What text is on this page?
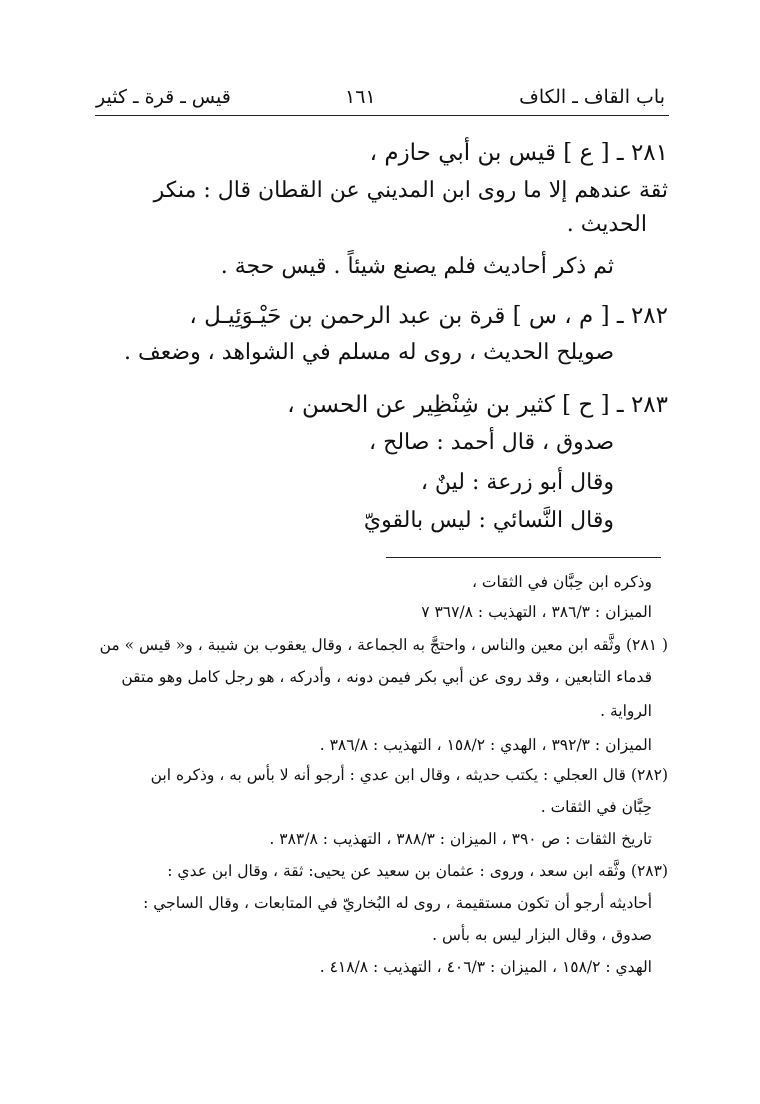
باب القاف ـ الكاف
١٦١
قيس ـ قرة ـ كثير
٢٨١ ـ [ ع ] قيس بن أبي حازم ،
ثقة عندهم إلا ما روى ابن المديني عن القطان قال : منكر
الحديث .
ثم ذكر أحاديث فلم يصنع شيئاً . قيس حجة .
٢٨٢ ـ [ م ، س ] قرة بن عبد الرحمن بن حَيْـوَئِيـل ،
صويلح الحديث ، روى له مسلم في الشواهد ، وضعف .
٢٨٣ ـ [ ح ] كثير بن شِنْظِير عن الحسن ،
صدوق ، قال أحمد : صالح ،
وقال أبو زرعة : لينٌ ،
وقال النَّسائي : ليس بالقويّ
وذكره ابن حِبَّان في الثقات ،
الميزان : ٣٨٦/٣ ، التهذيب : ٣٦٧/٨ ٧
( ٢٨١) وثَّقه ابن معين والناس ، واحتجَّ به الجماعة ، وقال يعقوب بن شيبة ، و« قيس » من
قدماء التابعين ، وقد روى عن أبي بكر فيمن دونه ، وأدركه ، هو رجل كامل وهو متقن
الرواية .
الميزان : ٣٩٢/٣ ، الهدي : ١٥٨/٢ ، التهذيب : ٣٨٦/٨ .
(٢٨٢) قال العجلي : يكتب حديثه ، وقال ابن عدي : أرجو أنه لا بأس به ، وذكره ابن
حِبَّان في الثقات .
تاريخ الثقات : ص ٣٩٠ ، الميزان : ٣٨٨/٣ ، التهذيب : ٣٨٣/٨ .
(٢٨٣) وثَّقه ابن سعد ، وروى : عثمان بن سعيد عن يحيى: ثقة ، وقال ابن عدي :
أحاديثه أرجو أن تكون مستقيمة ، روى له البُخاريّ في المتابعات ، وقال الساجي :
صدوق ، وقال البزار ليس به بأس .
الهدي : ١٥٨/٢ ، الميزان : ٤٠٦/٣ ، التهذيب : ٤١٨/٨ .
